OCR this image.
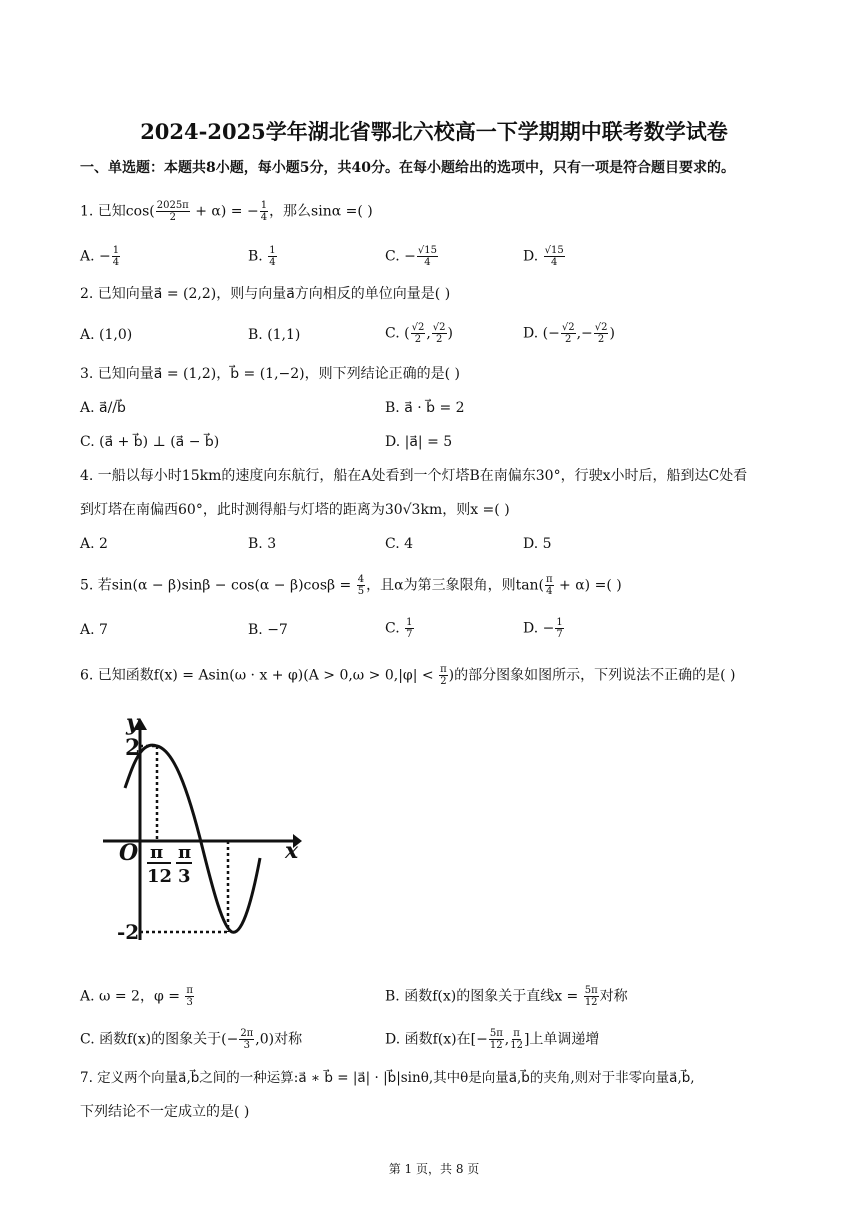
2024-2025学年湖北省鄂北六校高一下学期期中联考数学试卷
一、单选题：本题共8小题，每小题5分，共40分。在每小题给出的选项中，只有一项是符合题目要求的。
1. 已知$\cos( \frac{2025\pi}{2} + \alpha)$ = − $\frac{1}{4}$ ，那么sinα =( )
A. − $\frac{1}{4}$	B. $\frac{1}{4}$	C. − $\frac{√15}{4}$	D. $\frac{√15}{4}$
2. 已知向量a⃗ = (2,2)，则与向量a⃗方向相反的单位向量是( )
A. (1,0)	B. (1,1)	C. ( $\frac{√2}{2}$ , $\frac{√2}{2}$ )	D. (− $\frac{√2}{2}$ ,− $\frac{√2}{2}$ )
3. 已知向量a⃗ = (1,2)，b⃗ = (1,−2)，则下列结论正确的是( )
A. a⃗//b⃗	B. a⃗ · b⃗ = 2
C. (a⃗ + b⃗) ⊥ (a⃗ − b⃗)	D. |a⃗| = 5
4. 一船以每小时15km的速度向东航行，船在A处看到一个灯塔B在南偏东30°，行驶x小时后，船到达C处看
到灯塔在南偏西60°，此时测得船与灯塔的距离为30√3km，则x =( )
A. 2	B. 3	C. 4	D. 5
5. 若$\sin(\alpha - \beta)\sin\beta - \cos(\alpha - \beta)\cos\beta = \frac{4}{5}$ ，且α为第三象限角，则$\tan( \frac{\pi}{4} + \alpha)$ =( )
A. 7	B. −7	C. $\frac{1}{7}$	D. − $\frac{1}{7}$
6. 已知函数$f(x) = Asin(\omega \cdot x + \varphi)(A > 0,\omega > 0,|\varphi| < \frac{\pi}{2}$ )的部分图象如图所示，下列说法不正确的是( )
y
x
O
2
-2
π
12
π
3
A. ω = 2，$\varphi = \frac{\pi}{3}$	B. 函数f(x)的图象关于直线$x = \frac{5\pi}{12}$ 对称
C. 函数f(x)的图象关于(− $\frac{2\pi}{3} ,0$)对称	D. 函数f(x)在[− $\frac{5\pi}{12}$ , $\frac{\pi}{12}$ ]上单调递增
7. 定义两个向量a⃗,b⃗之间的一种运算:a⃗ ∗ b⃗ = |a⃗| · |b⃗|sinθ,其中θ是向量a⃗,b⃗的夹角,则对于非零向量a⃗,b⃗,
下列结论不一定成立的是( )
第 1 页，共 8 页
